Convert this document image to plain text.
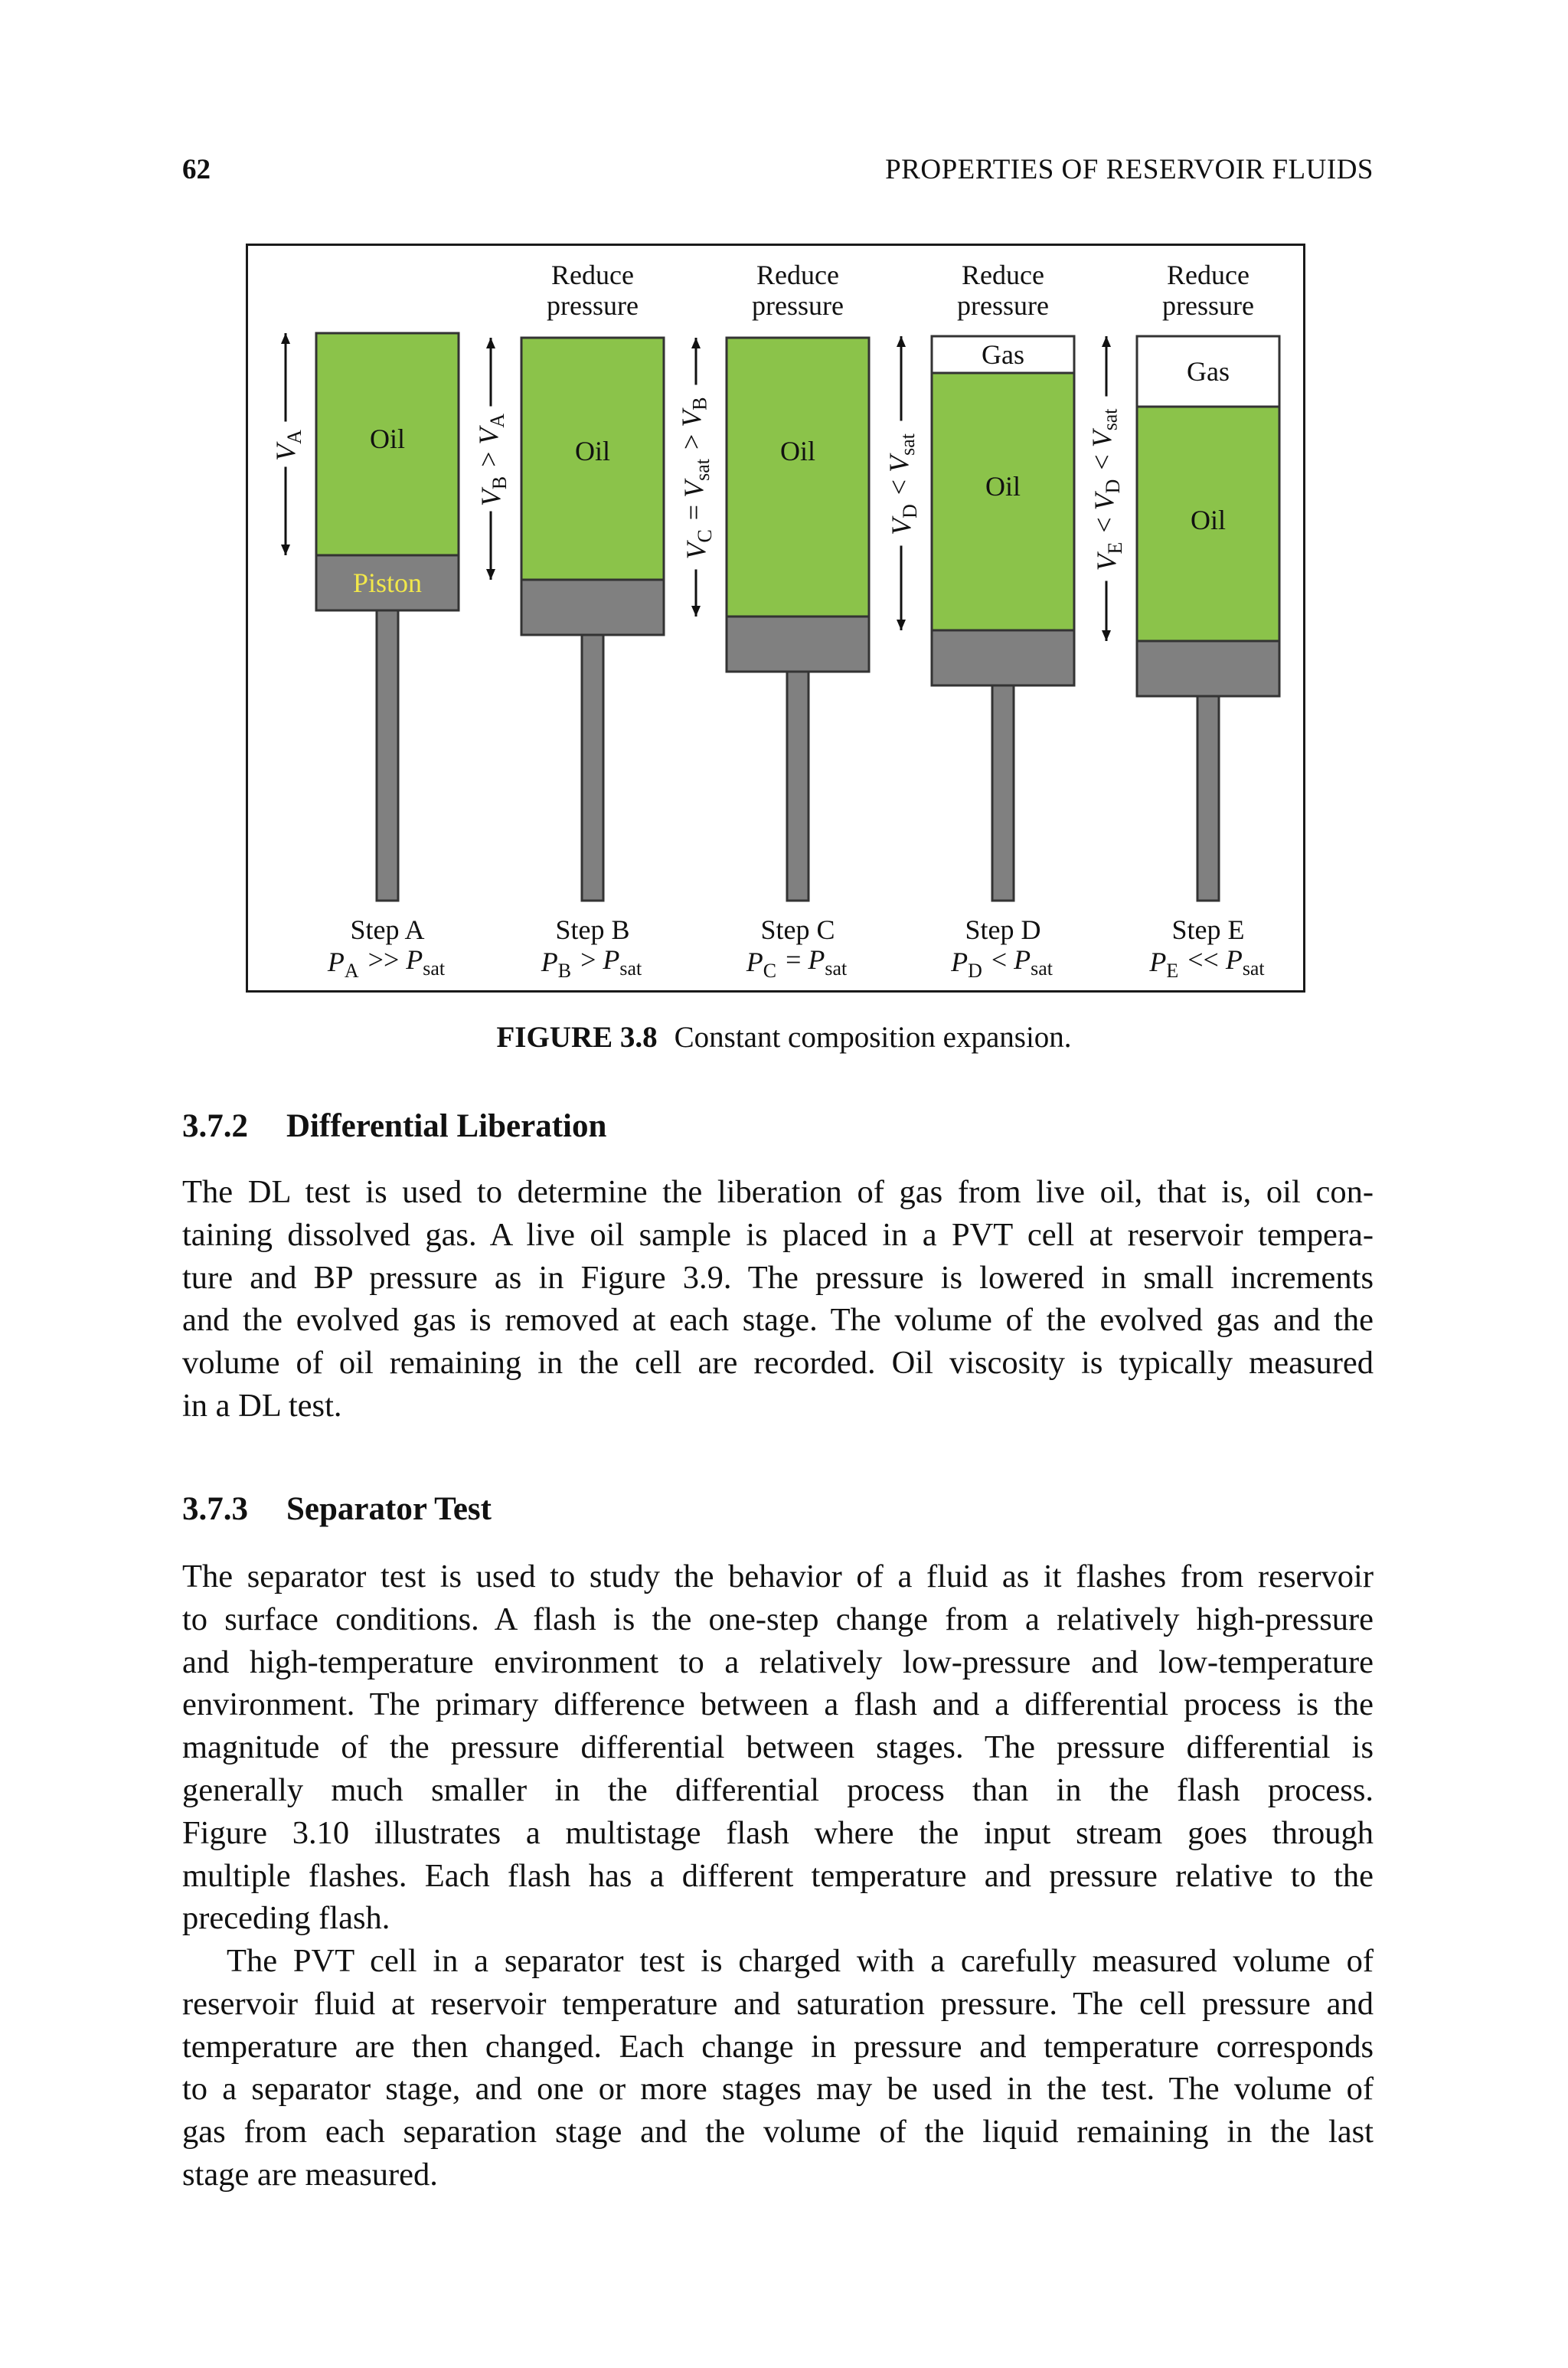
62	PROPERTIES OF RESERVOIR FLUIDS
Oil
Piston
$V_A$ 
Step A
$P_A$  >> $P_{sat}$ 
Reduce
pressure
Oil
$V_B$  > $V_A$ 
Step B
$P_B$  > $P_{sat}$ 
Reduce
pressure
Oil
$V_C$  = $V_{sat}$  > $V_B$ 
Step C
$P_C$  = $P_{sat}$ 
Reduce
pressure
Gas
Oil
$V_D$  < $V_{sat}$ 
Step D
$P_D$  < $P_{sat}$ 
Reduce
pressure
Gas
Oil
$V_E$  < $V_D$  < $V_{sat}$ 
Step E
$P_E$  << $P_{sat}$ 
FIGURE 3.8 Constant composition expansion.
3.7.2 Differential Liberation
The DL test is used to determine the liberation of gas from live oil, that is, oil con-
taining dissolved gas. A live oil sample is placed in a PVT cell at reservoir tempera-
ture and BP pressure as in Figure 3.9. The pressure is lowered in small increments
and the evolved gas is removed at each stage. The volume of the evolved gas and the
volume of oil remaining in the cell are recorded. Oil viscosity is typically measured
in a DL test.
3.7.3 Separator Test
The separator test is used to study the behavior of a fluid as it flashes from reservoir
to surface conditions. A flash is the one-step change from a relatively high-pressure
and high-temperature environment to a relatively low-pressure and low-temperature
environment. The primary difference between a flash and a differential process is the
magnitude of the pressure differential between stages. The pressure differential is
generally much smaller in the differential process than in the flash process.
Figure 3.10 illustrates a multistage flash where the input stream goes through
multiple flashes. Each flash has a different temperature and pressure relative to the
preceding flash.
The PVT cell in a separator test is charged with a carefully measured volume of
reservoir fluid at reservoir temperature and saturation pressure. The cell pressure and
temperature are then changed. Each change in pressure and temperature corresponds
to a separator stage, and one or more stages may be used in the test. The volume of
gas from each separation stage and the volume of the liquid remaining in the last
stage are measured.
